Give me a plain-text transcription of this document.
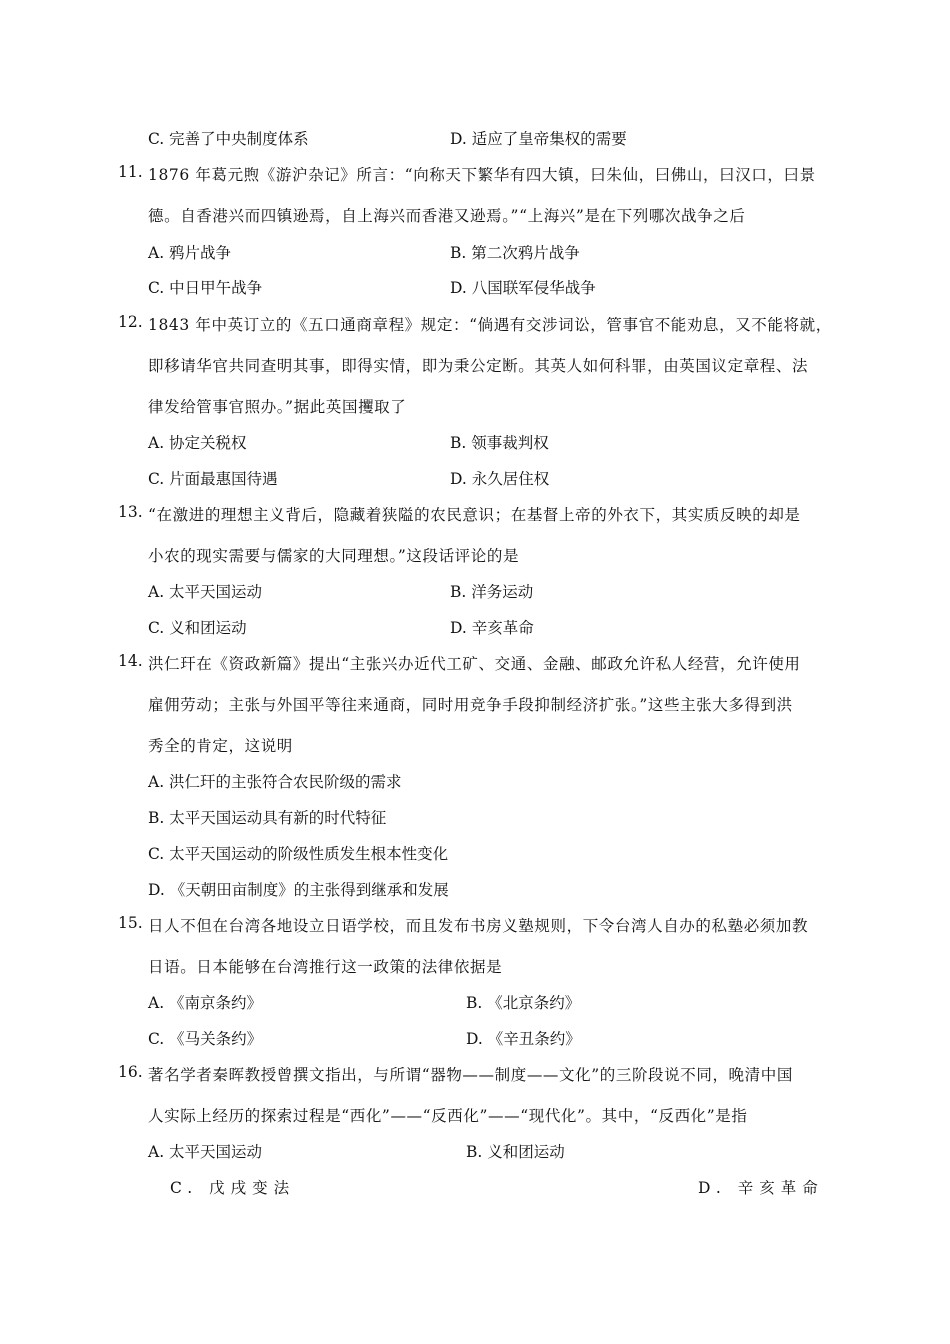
C. 完善了中央制度体系	D. 适应了皇帝集权的需要
11. 1876 年葛元煦《游沪杂记》所言：“向称天下繁华有四大镇，曰朱仙，曰佛山，曰汉口，曰景
德。自香港兴而四镇逊焉，自上海兴而香港又逊焉。”“上海兴”是在下列哪次战争之后
A. 鸦片战争	B. 第二次鸦片战争
C. 中日甲午战争	D. 八国联军侵华战争
12. 1843 年中英订立的《五口通商章程》规定：“倘遇有交涉词讼，管事官不能劝息，又不能将就，
即移请华官共同查明其事，即得实情，即为秉公定断。其英人如何科罪，由英国议定章程、法
律发给管事官照办。”据此英国攫取了
A. 协定关税权	B. 领事裁判权
C. 片面最惠国待遇	D. 永久居住权
13. “在激进的理想主义背后，隐藏着狭隘的农民意识；在基督上帝的外衣下，其实质反映的却是
小农的现实需要与儒家的大同理想。”这段话评论的是
A. 太平天国运动	B. 洋务运动
C. 义和团运动	D. 辛亥革命
14. 洪仁玕在《资政新篇》提出“主张兴办近代工矿、交通、金融、邮政允许私人经营，允许使用
雇佣劳动；主张与外国平等往来通商，同时用竞争手段抑制经济扩张。”这些主张大多得到洪
秀全的肯定，这说明
A. 洪仁玕的主张符合农民阶级的需求
B. 太平天国运动具有新的时代特征
C. 太平天国运动的阶级性质发生根本性变化
D. 《天朝田亩制度》的主张得到继承和发展
15. 日人不但在台湾各地设立日语学校，而且发布书房义塾规则，下令台湾人自办的私塾必须加教
日语。日本能够在台湾推行这一政策的法律依据是
A. 《南京条约》	B. 《北京条约》
C. 《马关条约》	D. 《辛丑条约》
16. 著名学者秦晖教授曾撰文指出，与所谓“器物——制度——文化”的三阶段说不同，晚清中国
人实际上经历的探索过程是“西化”——“反西化”——“现代化”。其中，“反西化”是指
A. 太平天国运动	B. 义和团运动
C. 戊戌变法	D. 辛亥革命
